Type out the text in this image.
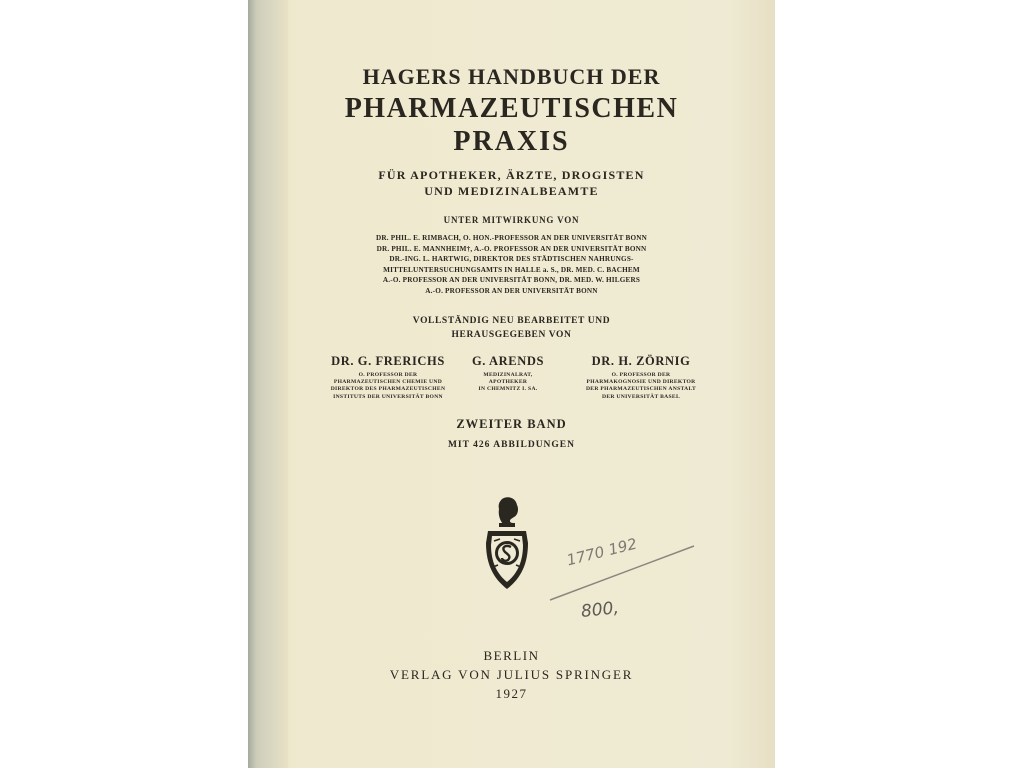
HAGERS HANDBUCH DER
PHARMAZEUTISCHEN
PRAXIS
FÜR APOTHEKER, ÄRZTE, DROGISTEN
UND MEDIZINALBEAMTE
UNTER MITWIRKUNG VON
DR. PHIL. E. RIMBACH, O. HON.-PROFESSOR AN DER UNIVERSITÄT BONN
DR. PHIL. E. MANNHEIM†, A.-O. PROFESSOR AN DER UNIVERSITÄT BONN
DR.-ING. L. HARTWIG, DIREKTOR DES STÄDTISCHEN NAHRUNGS-
MITTELUNTERSUCHUNGSAMTS IN HALLE a. S., DR. MED. C. BACHEM
A.-O. PROFESSOR AN DER UNIVERSITÄT BONN, DR. MED. W. HILGERS
A.-O. PROFESSOR AN DER UNIVERSITÄT BONN
VOLLSTÄNDIG NEU BEARBEITET UND
HERAUSGEGEBEN VON
DR. G. FRERICHS
O. PROFESSOR DER
PHARMAZEUTISCHEN CHEMIE UND
DIREKTOR DES PHARMAZEUTISCHEN
INSTITUTS DER UNIVERSITÄT BONN
G. ARENDS
MEDIZINALRAT,
APOTHEKER
IN CHEMNITZ I. SA.
DR. H. ZÖRNIG
O. PROFESSOR DER
PHARMAKOGNOSIE UND DIREKTOR
DER PHARMAZEUTISCHEN ANSTALT
DER UNIVERSITÄT BASEL
ZWEITER BAND
MIT 426 ABBILDUNGEN
1770 192
800,
BERLIN
VERLAG VON JULIUS SPRINGER
1927
